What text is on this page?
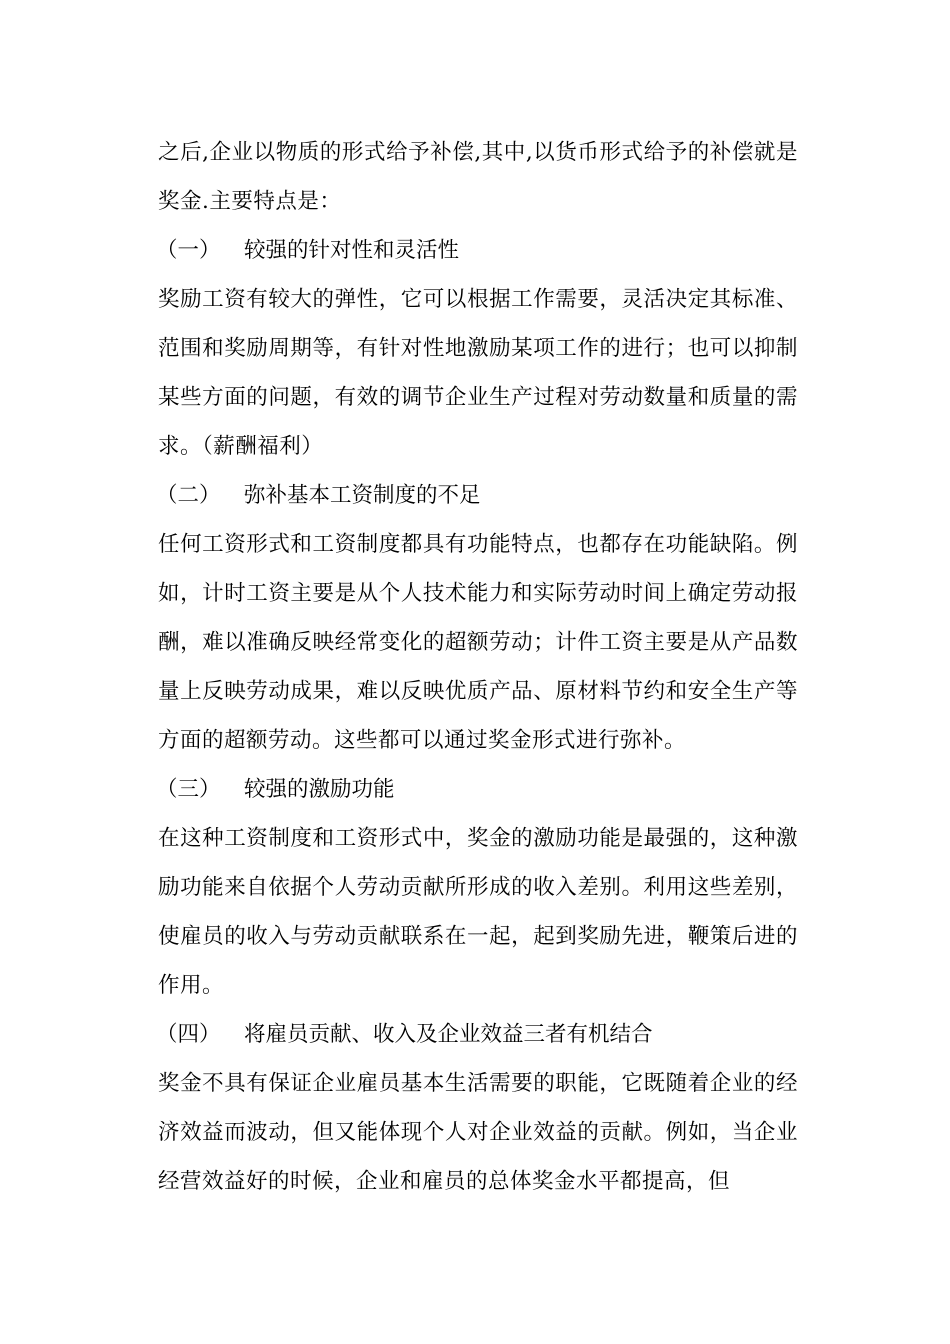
之后,企业以物质的形式给予补偿,其中,以货币形式给予的补偿就是奖金.主要特点是：

（一）	较强的针对性和灵活性

奖励工资有较大的弹性，它可以根据工作需要，灵活决定其标准、范围和奖励周期等，有针对性地激励某项工作的进行；也可以抑制某些方面的问题，有效的调节企业生产过程对劳动数量和质量的需求。（薪酬福利）

（二）	弥补基本工资制度的不足

任何工资形式和工资制度都具有功能特点，也都存在功能缺陷。例如，计时工资主要是从个人技术能力和实际劳动时间上确定劳动报酬，难以准确反映经常变化的超额劳动；计件工资主要是从产品数量上反映劳动成果，难以反映优质产品、原材料节约和安全生产等方面的超额劳动。这些都可以通过奖金形式进行弥补。

（三）	较强的激励功能

在这种工资制度和工资形式中，奖金的激励功能是最强的，这种激励功能来自依据个人劳动贡献所形成的收入差别。利用这些差别，使雇员的收入与劳动贡献联系在一起，起到奖励先进，鞭策后进的作用。

（四）	将雇员贡献、收入及企业效益三者有机结合

奖金不具有保证企业雇员基本生活需要的职能，它既随着企业的经济效益而波动，但又能体现个人对企业效益的贡献。例如，当企业经营效益好的时候，企业和雇员的总体奖金水平都提高，但
